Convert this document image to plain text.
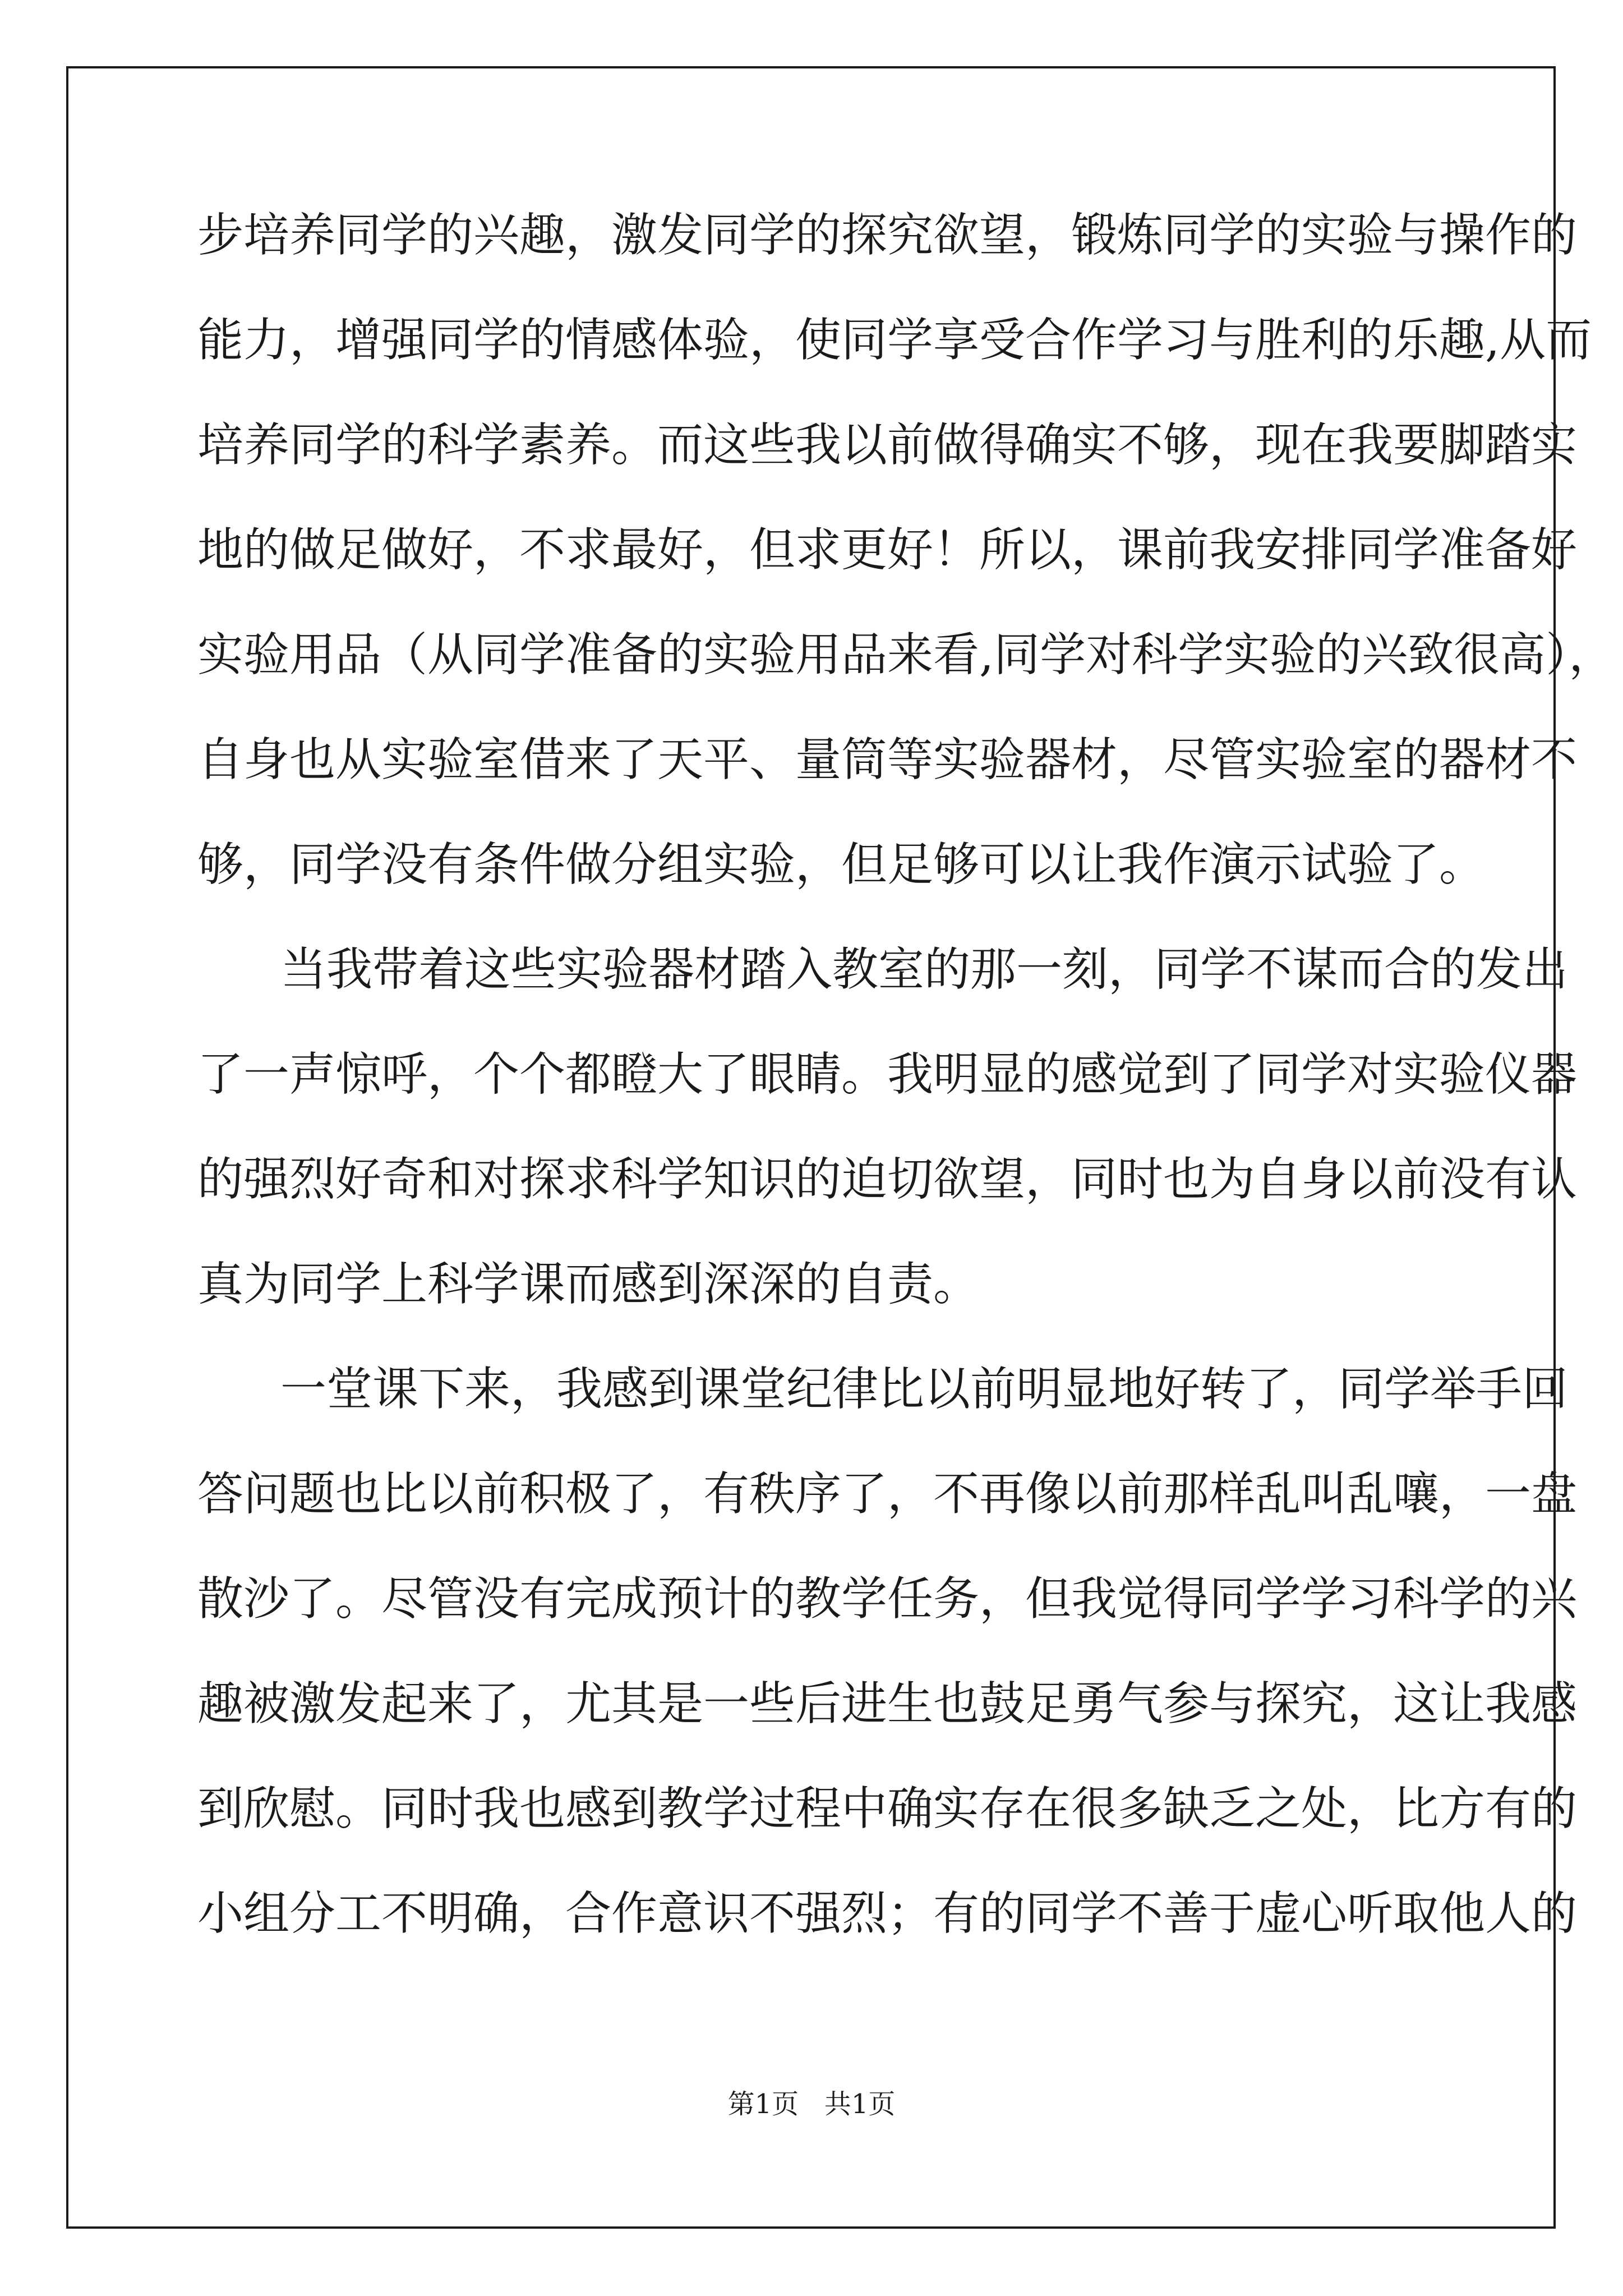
步培养同学的兴趣，激发同学的探究欲望，锻炼同学的实验与操作的

能力，增强同学的情感体验，使同学享受合作学习与胜利的乐趣,从而

培养同学的科学素养。而这些我以前做得确实不够，现在我要脚踏实

地的做足做好，不求最好，但求更好！所以，课前我安排同学准备好

实验用品（从同学准备的实验用品来看,同学对科学实验的兴致很高），

自身也从实验室借来了天平、量筒等实验器材，尽管实验室的器材不

够，同学没有条件做分组实验，但足够可以让我作演示试验了。

当我带着这些实验器材踏入教室的那一刻，同学不谋而合的发出

了一声惊呼，个个都瞪大了眼睛。我明显的感觉到了同学对实验仪器

的强烈好奇和对探求科学知识的迫切欲望，同时也为自身以前没有认

真为同学上科学课而感到深深的自责。

一堂课下来，我感到课堂纪律比以前明显地好转了，同学举手回

答问题也比以前积极了，有秩序了，不再像以前那样乱叫乱嚷，一盘

散沙了。尽管没有完成预计的教学任务，但我觉得同学学习科学的兴

趣被激发起来了，尤其是一些后进生也鼓足勇气参与探究，这让我感

到欣慰。同时我也感到教学过程中确实存在很多缺乏之处，比方有的

小组分工不明确，合作意识不强烈；有的同学不善于虚心听取他人的

第1页   共1页
